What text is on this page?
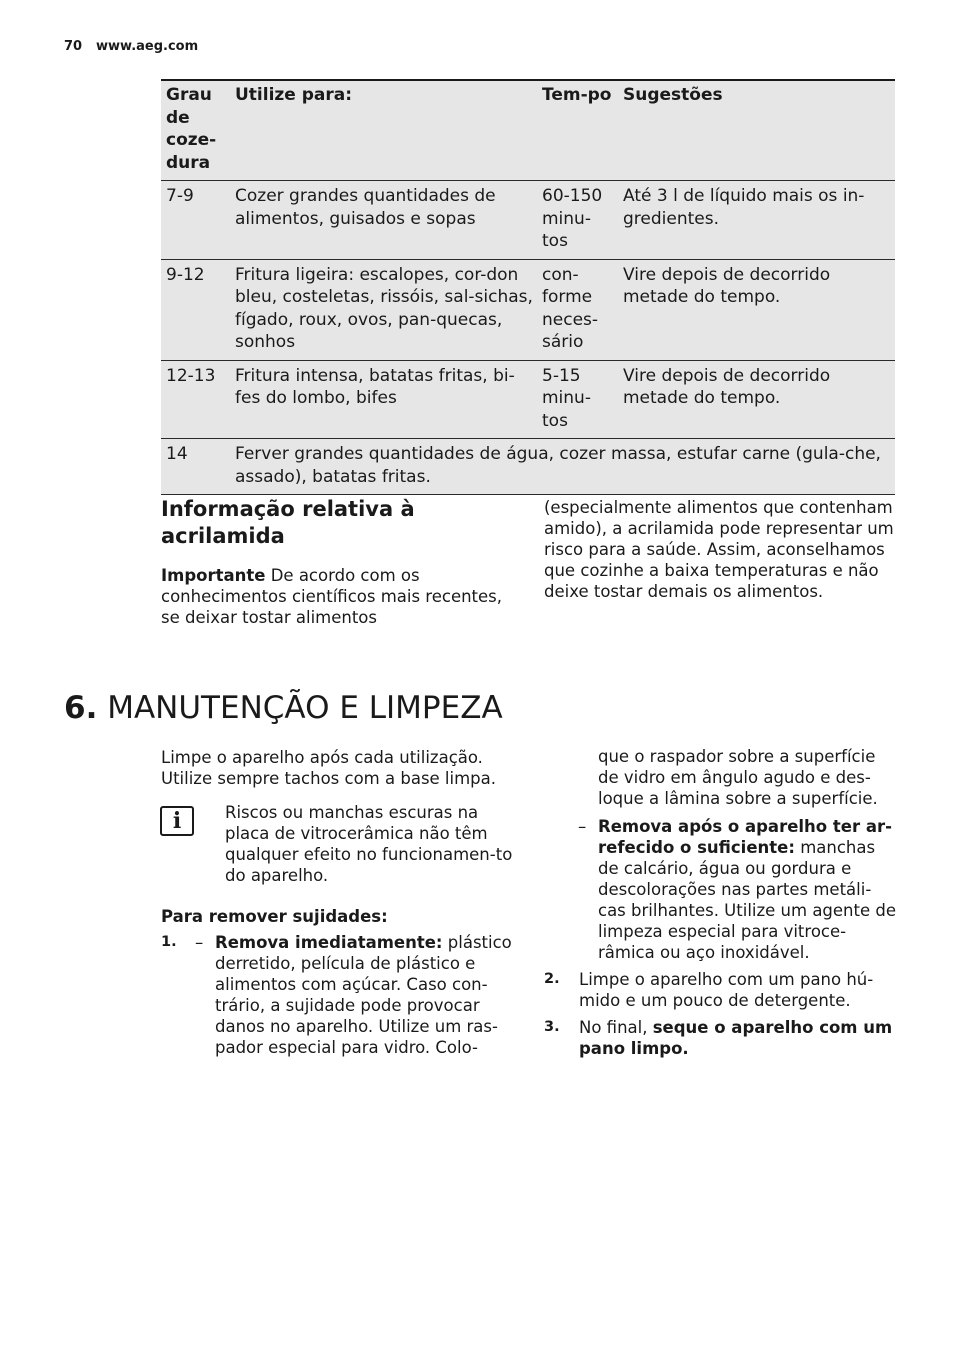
70 www.aeg.com
Grau de coze-dura	Utilize para:	Tem-po	Sugestões
7-9	Cozer grandes quantidades de alimentos, guisados e sopas	60-150 minu-tos	Até 3 l de líquido mais os in-gredientes.
9-12	Fritura ligeira: escalopes, cor-don bleu, costeletas, rissóis, sal-sichas, fígado, roux, ovos, pan-quecas, sonhos	con-forme neces-sário	Vire depois de decorrido metade do tempo.
12-13	Fritura intensa, batatas fritas, bi-fes do lombo, bifes	5-15 minu-tos	Vire depois de decorrido metade do tempo.
14	Ferver grandes quantidades de água, cozer massa, estufar carne (gula-che, assado), batatas fritas.		
Informação relativa à acrilamida
Importante De acordo com os conhecimentos científicos mais recentes, se deixar tostar alimentos
(especialmente alimentos que contenham amido), a acrilamida pode representar um risco para a saúde. Assim, aconselhamos que cozinhe a baixa temperaturas e não deixe tostar demais os alimentos.
6. MANUTENÇÃO E LIMPEZA
Limpe o aparelho após cada utilização. Utilize sempre tachos com a base limpa.
i	Riscos ou manchas escuras na placa de vitrocerâmica não têm qualquer efeito no funcionamen-to do aparelho.
Para remover sujidades:
1. – Remova imediatamente: plástico derretido, película de plástico e alimentos com açúcar. Caso con-trário, a sujidade pode provocar danos no aparelho. Utilize um ras-pador especial para vidro. Colo-
que o raspador sobre a superfície de vidro em ângulo agudo e des-loque a lâmina sobre a superfície.
– Remova após o aparelho ter ar-refecido o suficiente: manchas de calcário, água ou gordura e descolorações nas partes metáli-cas brilhantes. Utilize um agente de limpeza especial para vitroce-râmica ou aço inoxidável.
2. Limpe o aparelho com um pano hú-mido e um pouco de detergente.
3. No final, seque o aparelho com um pano limpo.
